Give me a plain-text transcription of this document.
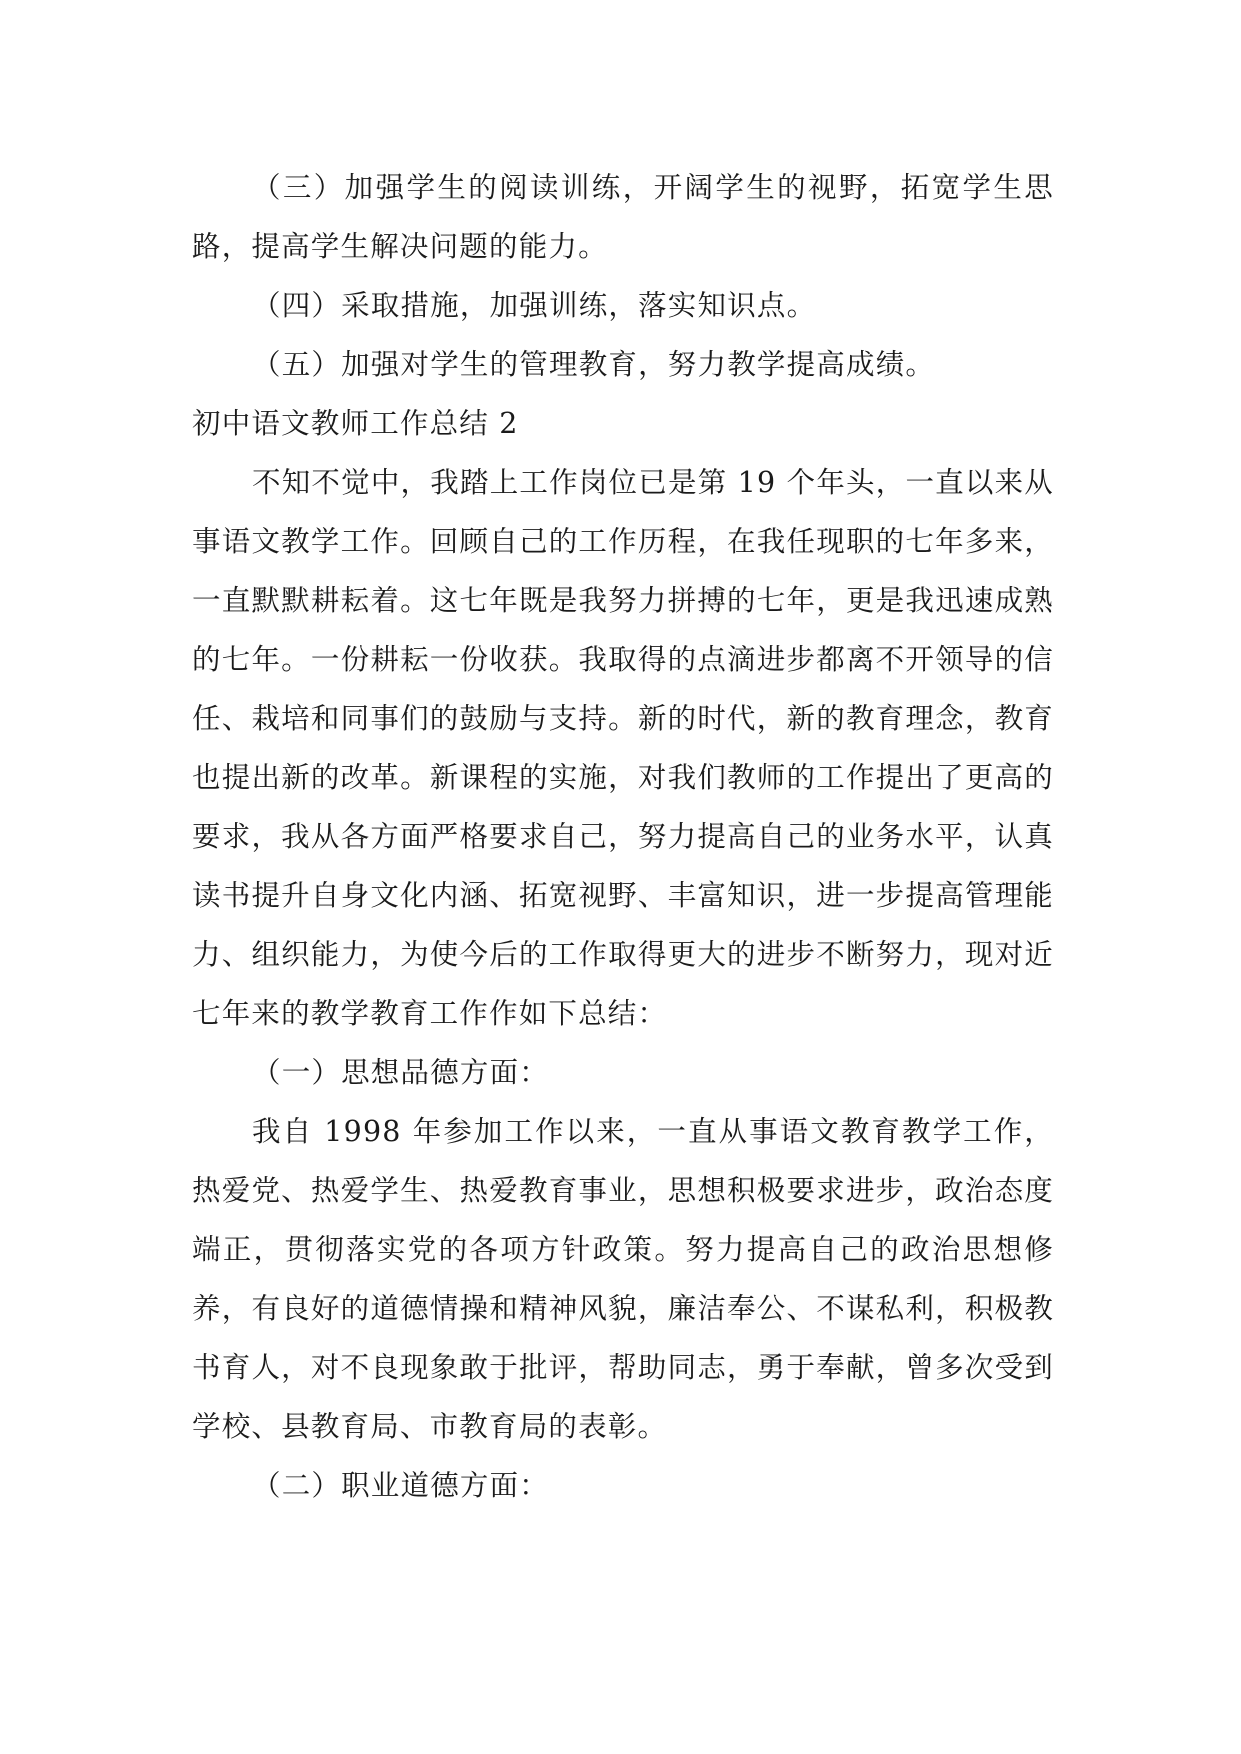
（三）加强学生的阅读训练，开阔学生的视野，拓宽学生思路，提高学生解决问题的能力。

（四）采取措施，加强训练，落实知识点。

（五）加强对学生的管理教育，努力教学提高成绩。

初中语文教师工作总结 2

不知不觉中，我踏上工作岗位已是第 19 个年头，一直以来从事语文教学工作。回顾自己的工作历程，在我任现职的七年多来，一直默默耕耘着。这七年既是我努力拼搏的七年，更是我迅速成熟的七年。一份耕耘一份收获。我取得的点滴进步都离不开领导的信任、栽培和同事们的鼓励与支持。新的时代，新的教育理念，教育也提出新的改革。新课程的实施，对我们教师的工作提出了更高的要求，我从各方面严格要求自己，努力提高自己的业务水平，认真读书提升自身文化内涵、拓宽视野、丰富知识，进一步提高管理能力、组织能力，为使今后的工作取得更大的进步不断努力，现对近七年来的教学教育工作作如下总结：

（一）思想品德方面：

我自 1998 年参加工作以来，一直从事语文教育教学工作，热爱党、热爱学生、热爱教育事业，思想积极要求进步，政治态度端正，贯彻落实党的各项方针政策。努力提高自己的政治思想修养，有良好的道德情操和精神风貌，廉洁奉公、不谋私利，积极教书育人，对不良现象敢于批评，帮助同志，勇于奉献，曾多次受到学校、县教育局、市教育局的表彰。

（二）职业道德方面：
